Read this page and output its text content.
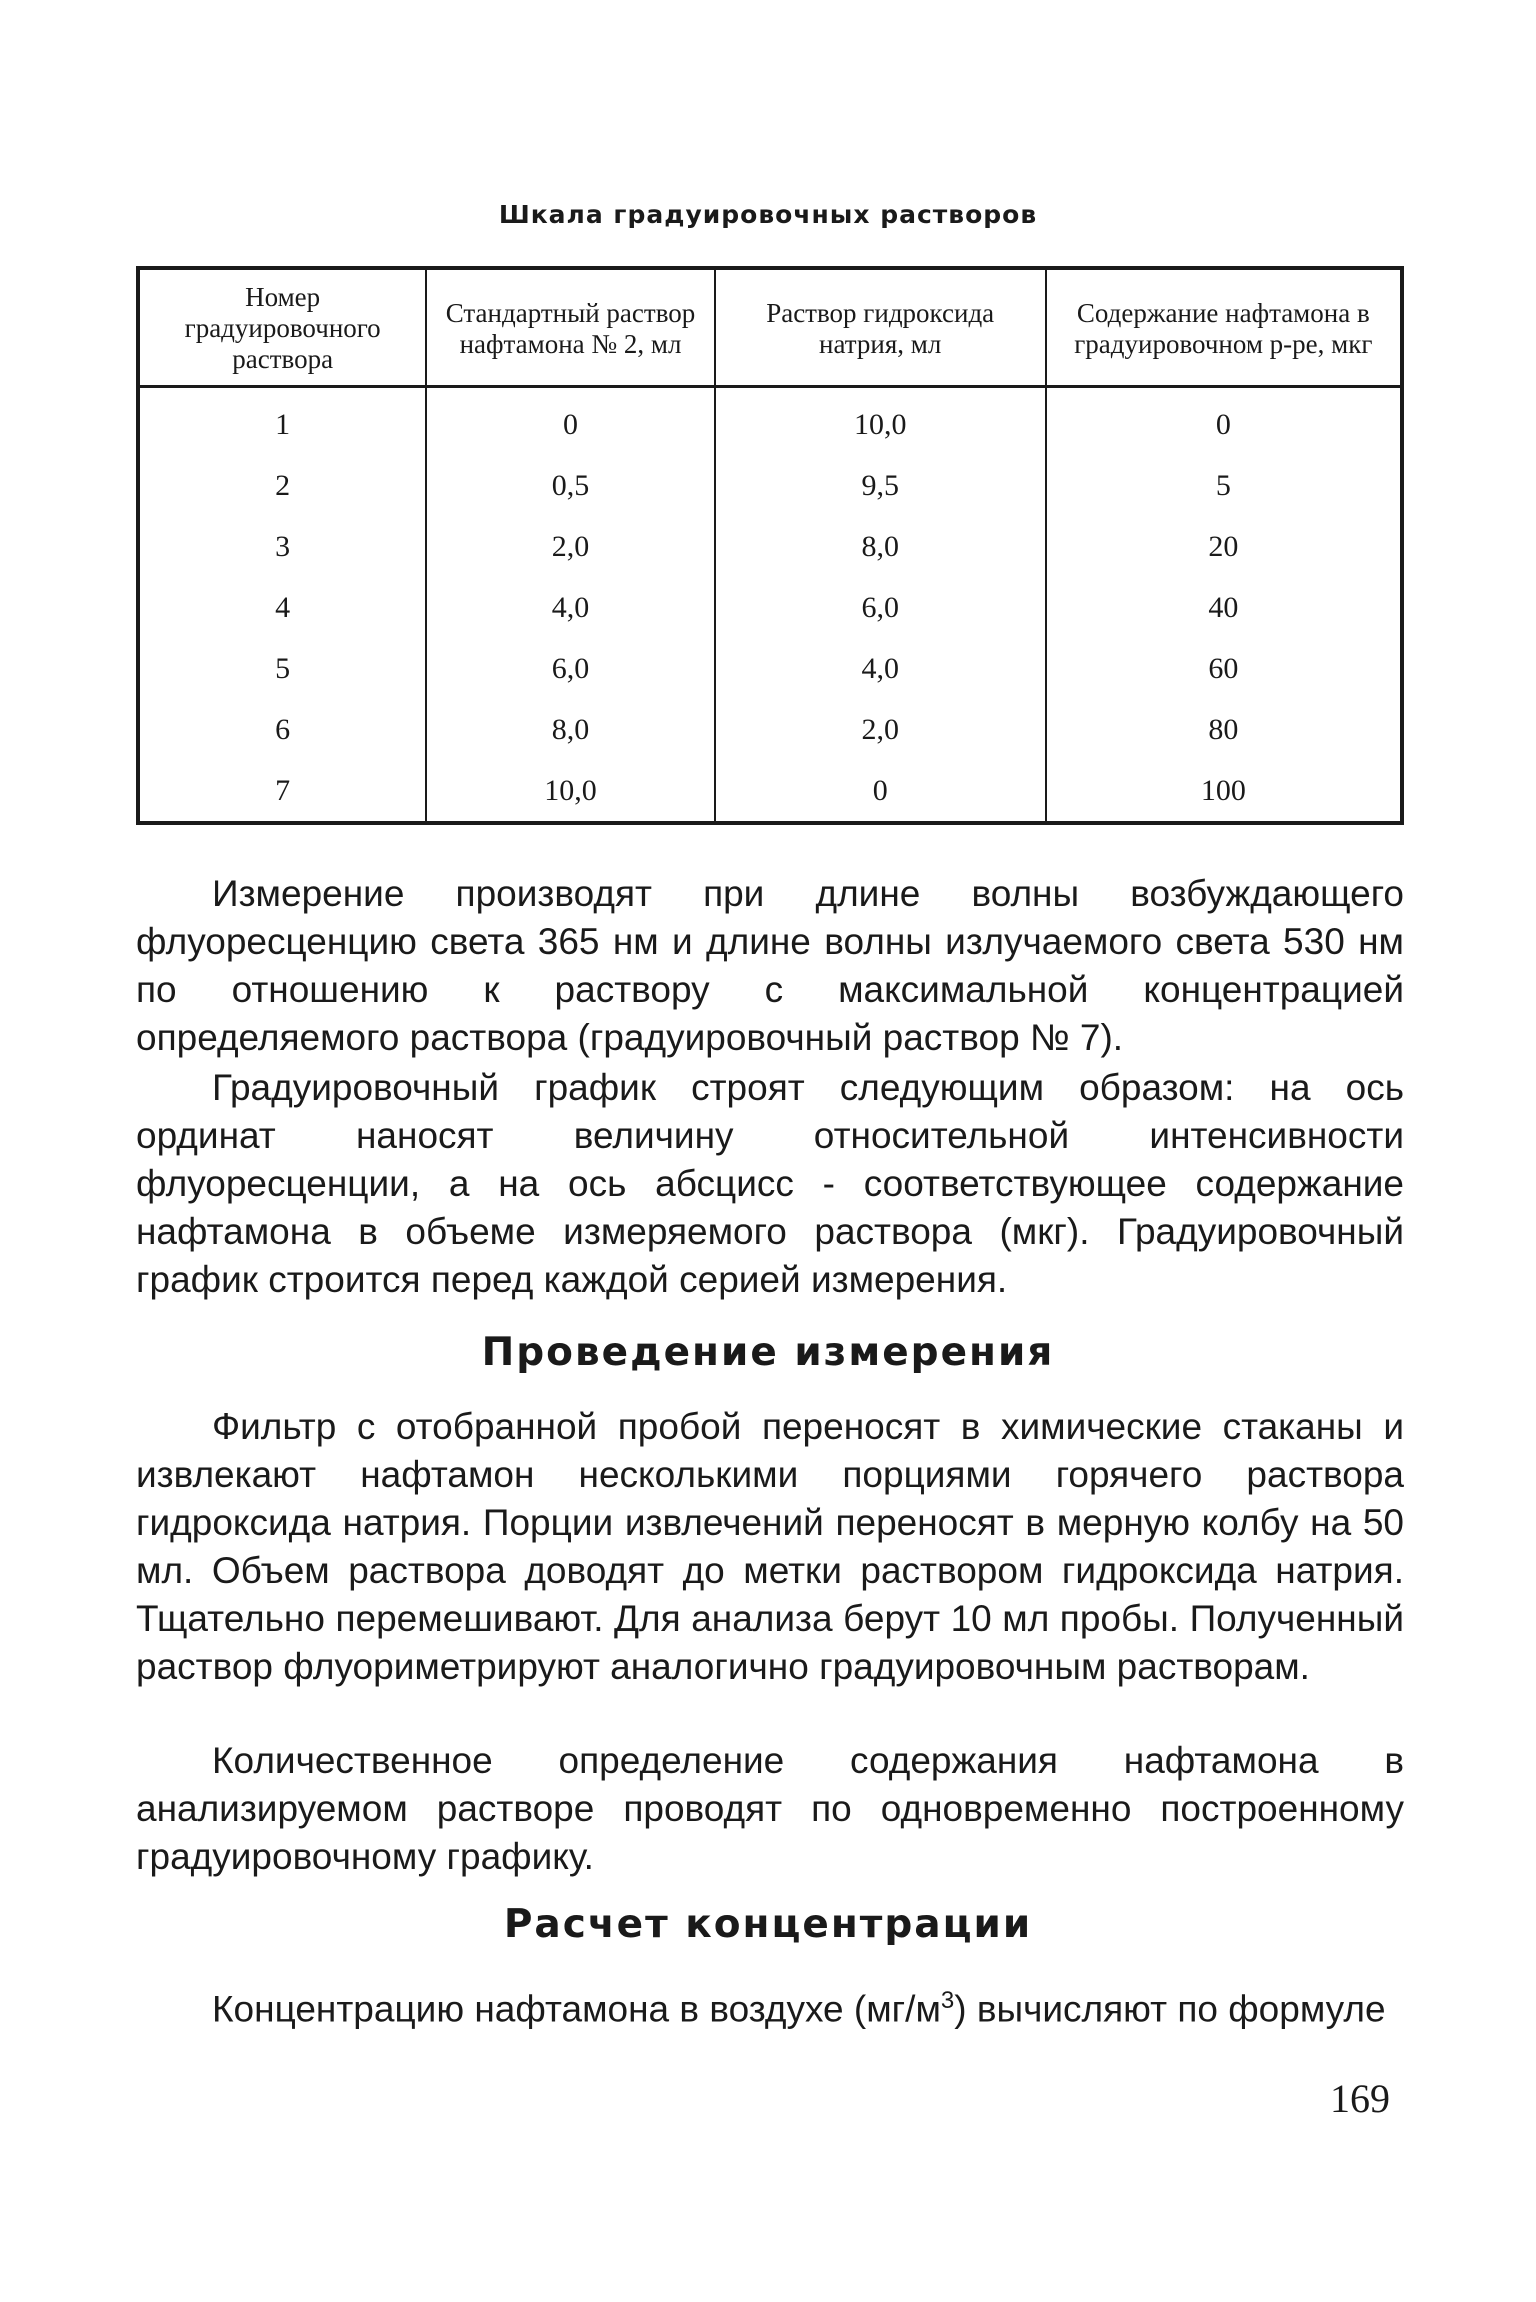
Шкала градуировочных растворов
Номер градуировочного раствора	Стандартный раствор нафтамона № 2, мл	Раствор гидроксида натрия, мл	Содержание нафтамона в градуировочном р-ре, мкг
1	0	10,0	0
2	0,5	9,5	5
3	2,0	8,0	20
4	4,0	6,0	40
5	6,0	4,0	60
6	8,0	2,0	80
7	10,0	0	100

Измерение производят при длине волны возбуждающего флуоресценцию света 365 нм и длине волны излучаемого света 530 нм по отношению к раствору с максимальной концентрацией определяемого раствора (градуировочный раствор № 7).

Градуировочный график строят следующим образом: на ось ординат наносят величину относительной интенсивности флуоресценции, а на ось абсцисс - соответствующее содержание нафтамона в объеме измеряемого раствора (мкг). Градуировочный график строится перед каждой серией измерения.

Проведение измерения

Фильтр с отобранной пробой переносят в химические стаканы и извлекают нафтамон несколькими порциями горячего раствора гидроксида натрия. Порции извлечений переносят в мерную колбу на 50 мл. Объем раствора доводят до метки раствором гидроксида натрия. Тщательно перемешивают. Для анализа берут 10 мл пробы. Полученный раствор флуориметрируют аналогично градуировочным растворам.

Количественное определение содержания нафтамона в анализируемом растворе проводят по одновременно построенному градуировочному графику.

Расчет концентрации

Концентрацию нафтамона в воздухе $(мг/м^3)$ вычисляют по формуле

169
